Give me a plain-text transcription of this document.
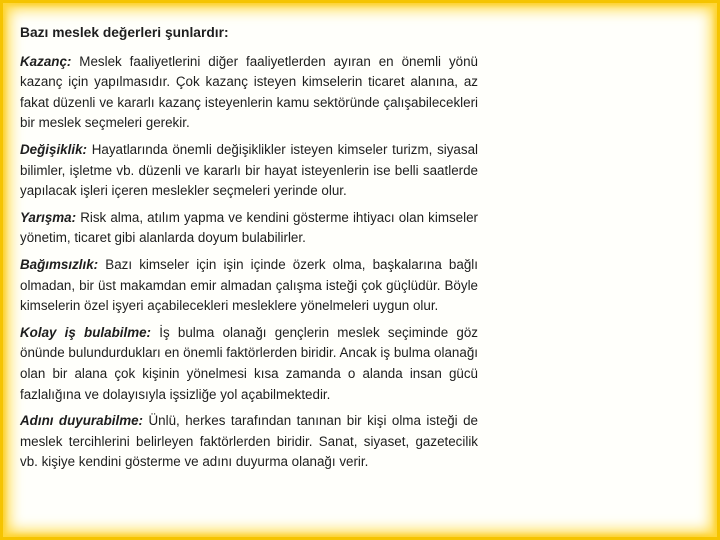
Bazı meslek değerleri şunlardır:

Kazanç: Meslek faaliyetlerini diğer faaliyetlerden ayıran en önemli yönü kazanç için yapılmasıdır. Çok kazanç isteyen kimselerin ticaret alanına, az fakat düzenli ve kararlı kazanç isteyenlerin kamu sektöründe çalışabilecekleri bir meslek seçmeleri gerekir.

Değişiklik: Hayatlarında önemli değişiklikler isteyen kimseler turizm, siyasal bilimler, işletme vb. düzenli ve kararlı bir hayat isteyenlerin ise belli saatlerde yapılacak işleri içeren meslekler seçmeleri yerinde olur.

Yarışma: Risk alma, atılım yapma ve kendini gösterme ihtiyacı olan kimseler yönetim, ticaret gibi alanlarda doyum bulabilirler.

Bağımsızlık: Bazı kimseler için işin içinde özerk olma, başkalarına bağlı olmadan, bir üst makamdan emir almadan çalışma isteği çok güçlüdür. Böyle kimselerin özel işyeri açabilecekleri mesleklere yönelmeleri uygun olur.

Kolay iş bulabilme: İş bulma olanağı gençlerin meslek seçiminde göz önünde bulundurdukları en önemli faktörlerden biridir. Ancak iş bulma olanağı olan bir alana çok kişinin yönelmesi kısa zamanda o alanda insan gücü fazlalığına ve dolayısıyla işsizliğe yol açabilmektedir.

Adını duyurabilme: Ünlü, herkes tarafından tanınan bir kişi olma isteği de meslek tercihlerini belirleyen faktörlerden biridir. Sanat, siyaset, gazetecilik vb. kişiye kendini gösterme ve adını duyurma olanağı verir.
